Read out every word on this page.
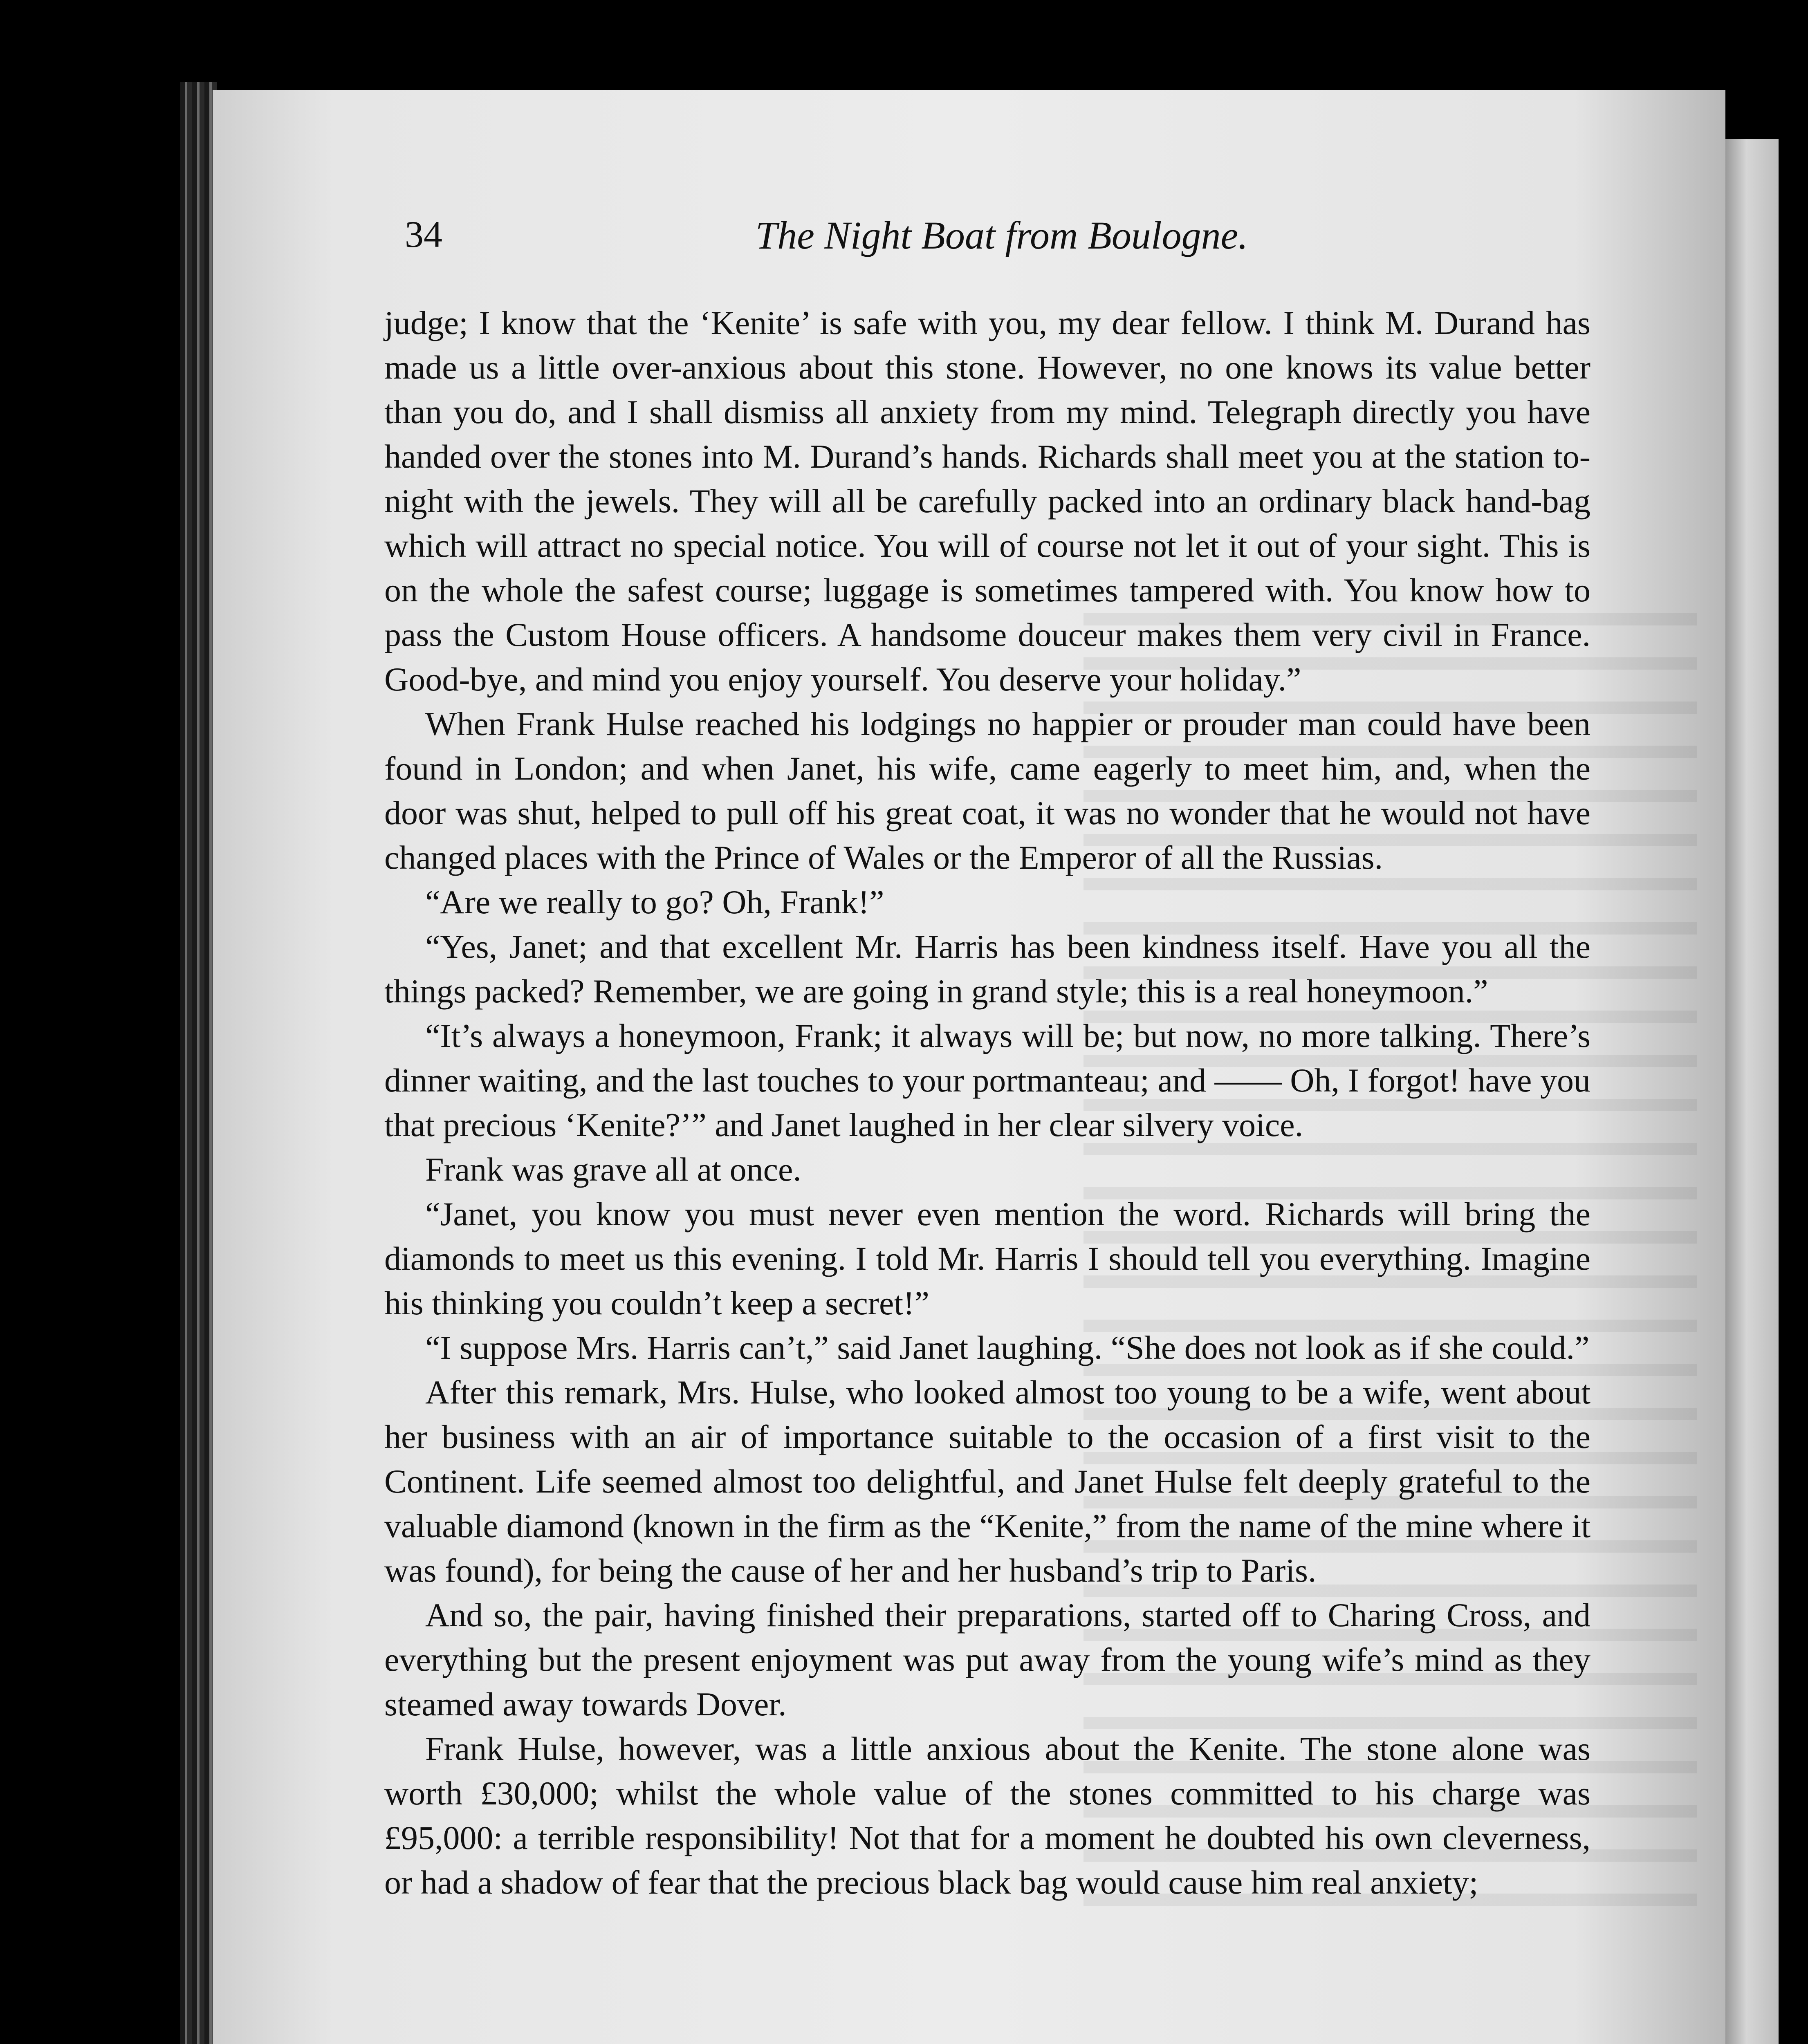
34	The Night Boat from Boulogne.

judge; I know that the ‘Kenite’ is safe with you, my dear fellow. I think M. Durand has made us a little over-anxious about this stone. However, no one knows its value better than you do, and I shall dismiss all anxiety from my mind. Telegraph directly you have handed over the stones into M. Durand’s hands. Richards shall meet you at the station to-night with the jewels. They will all be carefully packed into an ordinary black hand-bag which will attract no special notice. You will of course not let it out of your sight. This is on the whole the safest course; luggage is sometimes tampered with. You know how to pass the Custom House officers. A handsome douceur makes them very civil in France. Good-bye, and mind you enjoy yourself. You deserve your holiday.”

When Frank Hulse reached his lodgings no happier or prouder man could have been found in London; and when Janet, his wife, came eagerly to meet him, and, when the door was shut, helped to pull off his great coat, it was no wonder that he would not have changed places with the Prince of Wales or the Emperor of all the Russias.

“Are we really to go? Oh, Frank!”

“Yes, Janet; and that excellent Mr. Harris has been kindness itself. Have you all the things packed? Remember, we are going in grand style; this is a real honeymoon.”

“It’s always a honeymoon, Frank; it always will be; but now, no more talking. There’s dinner waiting, and the last touches to your portmanteau; and —— Oh, I forgot! have you that precious ‘Kenite?’” and Janet laughed in her clear silvery voice.

Frank was grave all at once.

“Janet, you know you must never even mention the word. Richards will bring the diamonds to meet us this evening. I told Mr. Harris I should tell you everything. Imagine his thinking you couldn’t keep a secret!”

“I suppose Mrs. Harris can’t,” said Janet laughing. “She does not look as if she could.”

After this remark, Mrs. Hulse, who looked almost too young to be a wife, went about her business with an air of importance suitable to the occasion of a first visit to the Continent. Life seemed almost too delightful, and Janet Hulse felt deeply grateful to the valuable diamond (known in the firm as the “Kenite,” from the name of the mine where it was found), for being the cause of her and her husband’s trip to Paris.

And so, the pair, having finished their preparations, started off to Charing Cross, and everything but the present enjoyment was put away from the young wife’s mind as they steamed away towards Dover.

Frank Hulse, however, was a little anxious about the Kenite. The stone alone was worth £30,000; whilst the whole value of the stones committed to his charge was £95,000: a terrible responsibility! Not that for a moment he doubted his own cleverness, or had a shadow of fear that the precious black bag would cause him real anxiety;
